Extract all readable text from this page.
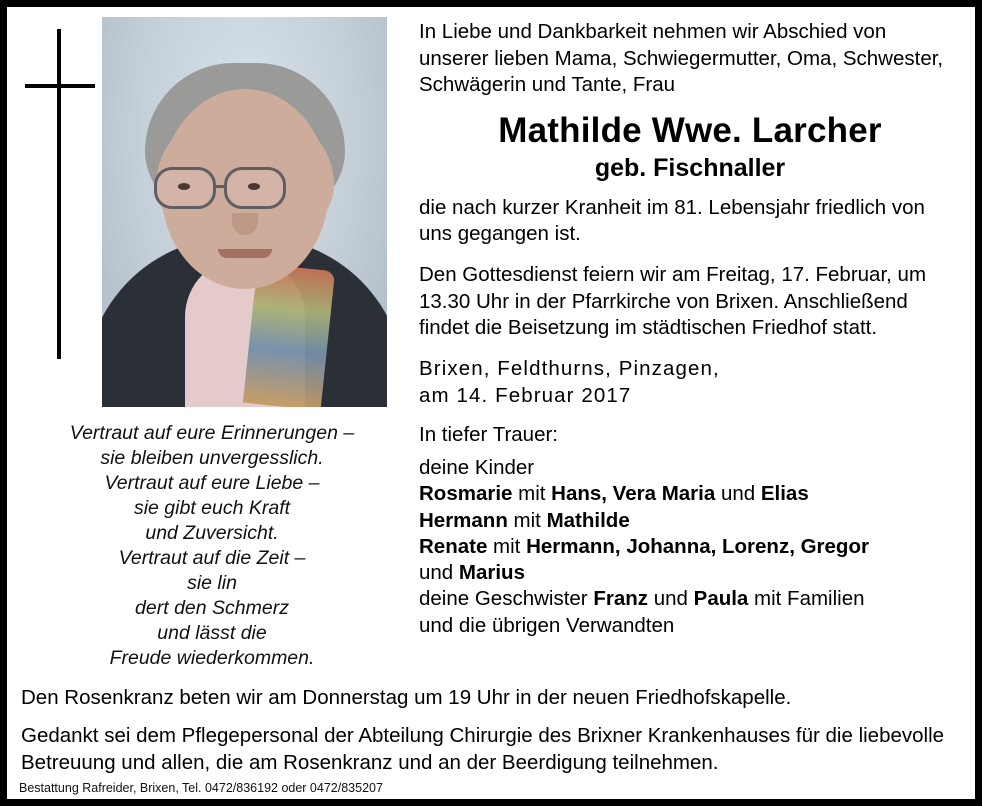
Vertraut auf eure Erinnerungen –
sie bleiben unvergesslich.
Vertraut auf eure Liebe –
sie gibt euch Kraft
und Zuversicht.
Vertraut auf die Zeit –
sie lin
dert den Schmerz
und lässt die
Freude wiederkommen.

In Liebe und Dankbarkeit nehmen wir Abschied von unserer lieben Mama, Schwiegermutter, Oma, Schwester, Schwägerin und Tante, Frau

Mathilde Wwe. Larcher
geb. Fischnaller

die nach kurzer Kranheit im 81. Lebensjahr friedlich von uns gegangen ist.

Den Gottesdienst feiern wir am Freitag, 17. Februar, um 13.30 Uhr in der Pfarrkirche von Brixen. Anschließend findet die Beisetzung im städtischen Friedhof statt.

Brixen, Feldthurns, Pinzagen,
am 14. Februar 2017

In tiefer Trauer:

deine Kinder

Rosmarie mit Hans, Vera Maria und Elias

Hermann mit Mathilde

Renate mit Hermann, Johanna, Lorenz, Gregor

und Marius

deine Geschwister Franz und Paula mit Familien

und die übrigen Verwandten

Den Rosenkranz beten wir am Donnerstag um 19 Uhr in der neuen Friedhofskapelle.

Gedankt sei dem Pflegepersonal der Abteilung Chirurgie des Brixner Krankenhauses für die liebevolle Betreuung und allen, die am Rosenkranz und an der Beerdigung teilnehmen.

Bestattung Rafreider, Brixen, Tel. 0472/836192 oder 0472/835207
